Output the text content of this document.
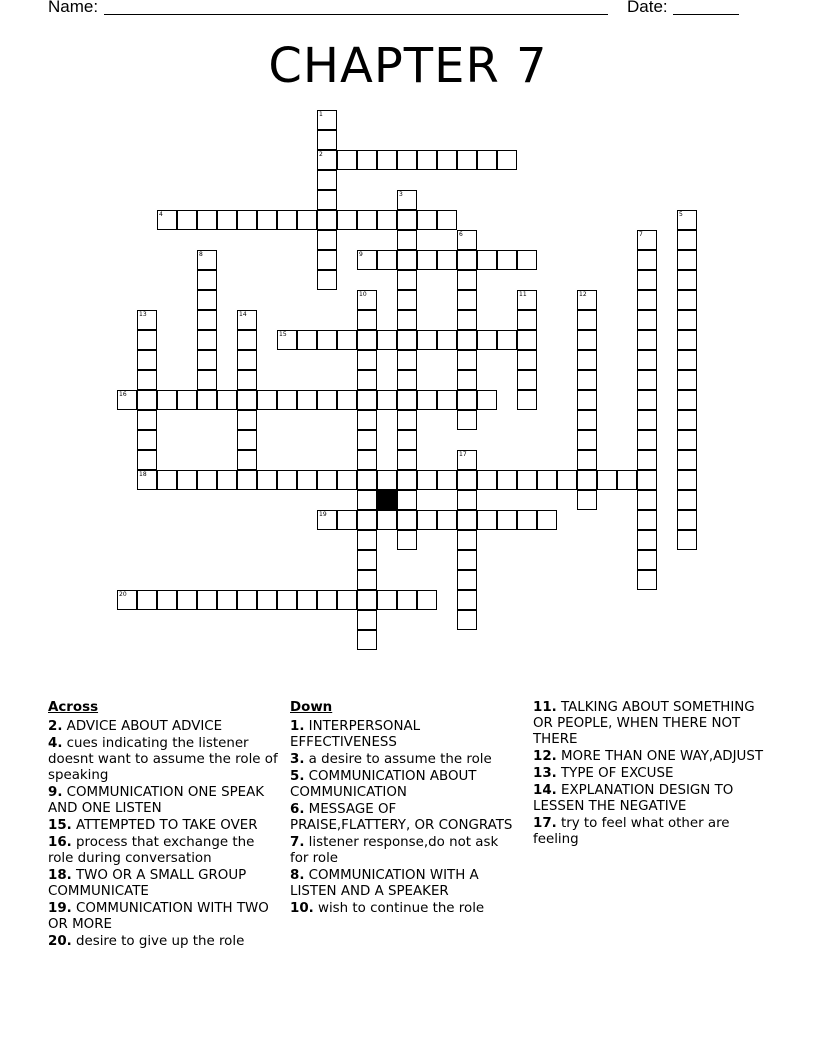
Name:	Date:
CHAPTER 7
1
2
3
4	5
6	7
8	9
10	11	12
13	14
15
16
17
18
19
20
Across
2. ADVICE ABOUT ADVICE
4. cues indicating the listener doesnt want to assume the role of speaking
9. COMMUNICATION ONE SPEAK AND ONE LISTEN
15. ATTEMPTED TO TAKE OVER
16. process that exchange the role during conversation
18. TWO OR A SMALL GROUP COMMUNICATE
19. COMMUNICATION WITH TWO OR MORE
20. desire to give up the role
Down
1. INTERPERSONAL EFFECTIVENESS
3. a desire to assume the role
5. COMMUNICATION ABOUT COMMUNICATION
6. MESSAGE OF PRAISE,FLATTERY, OR CONGRATS
7. listener response,do not ask for role
8. COMMUNICATION WITH A LISTEN AND A SPEAKER
10. wish to continue the role
11. TALKING ABOUT SOMETHING OR PEOPLE, WHEN THERE NOT THERE
12. MORE THAN ONE WAY,ADJUST
13. TYPE OF EXCUSE
14. EXPLANATION DESIGN TO LESSEN THE NEGATIVE
17. try to feel what other are feeling
